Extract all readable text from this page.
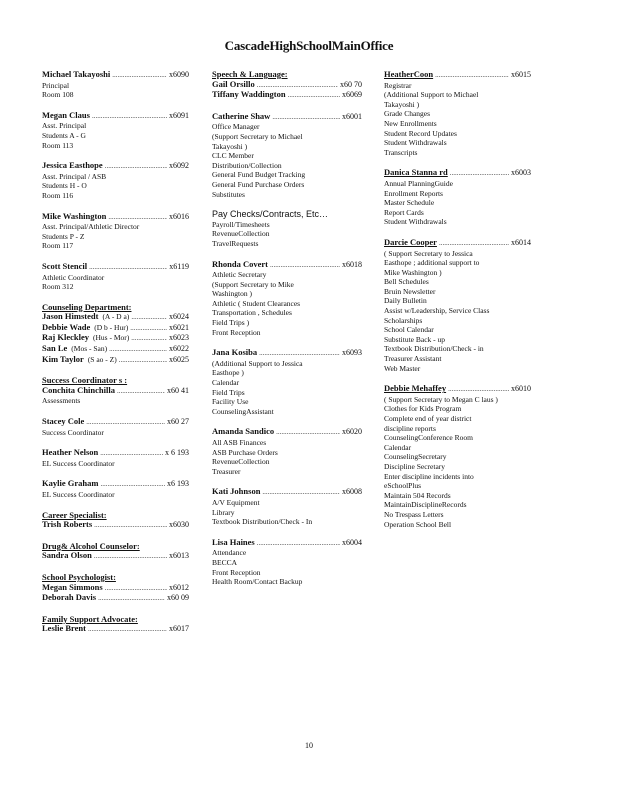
CascadeHighSchoolMainOffice
Michael Takayoshi .....	x6090
Principal
Room 108
Megan Claus .....	x6091
Asst. Principal
Students A - G
Room 113
Jessica Easthope .....	x6092
Asst. Principal / ASB
Students H - O
Room 116
Mike Washington .....	x6016
Asst. Principal/Athletic Director
Students P - Z
Room 117
Scott Stencil .....	x6119
Athletic Coordinator
Room 312
Counseling Department:
Jason Himstedt (A - D a) .....	x6024
Debbie Wade (D b - Hur) .....	x6021
Raj Kleckley (Hus - Mor) .....	x6023
San Le (Mos - San) .....	x6022
Kim Taylor (S ao - Z) .....	x6025
Success Coordinator s :
Conchita Chinchilla .....	x60 41
Assessments
Stacey Cole .....	x60 27
Success Coordinator
Heather Nelson .....	x 6 193
EL Success Coordinator
Kaylie Graham .....	x6 193
EL Success Coordinator
Career Specialist:
Trish Roberts .....	x6030
Drug& Alcohol Counselor:
Sandra Olson .....	x6013
School Psychologist:
Megan Simmons .....	x6012
Deborah Davis .....	x60 09
Family Support Advocate:
Leslie Brent .....	x6017
Speech & Language:
Gail Orsillo .....	x60 70
Tiffany Waddington .....	x6069
Catherine Shaw .....	x6001
Office Manager
(Support Secretary to Michael
Takayoshi )
CLC Member
Distribution/Collection
General Fund Budget Tracking
General Fund Purchase Orders
Substitutes
Pay Checks/Contracts, Etc…
Payroll/Timesheets
RevenueCollection
TravelRequests
Rhonda Covert .....	x6018
Athletic Secretary
(Support Secretary to Mike
Washington )
Athletic ( Student Clearances
Transportation , Schedules
Field Trips )
Front Reception
Jana Kosiba .....	x6093
(Additional Support to Jessica
Easthope )
Calendar
Field Trips
Facility Use
CounselingAssistant
Amanda Sandico .....	x6020
All ASB Finances
ASB Purchase Orders
RevenueCollection
Treasurer
Kati Johnson .....	x6008
A/V Equipment
Library
Textbook Distribution/Check - In
Lisa Haines .....	x6004
Attendance
BECCA
Front Reception
Health Room/Contact Backup
HeatherCoon .....	x6015
Registrar
(Additional Support to Michael
Takayoshi )
Grade Changes
New Enrollments
Student Record Updates
Student Withdrawals
Transcripts
Danica Stanna rd .....	x6003
Annual PlanningGuide
Enrollment Reports
Master Schedule
Report Cards
Student Withdrawals
Darcie Cooper .....	x6014
( Support Secretary to Jessica
Easthope ; additional support to
Mike Washington )
Bell Schedules
Bruin Newsletter
Daily Bulletin
Assist w/Leadership, Service Class
Scholarships
School Calendar
Substitute Back - up
Textbook Distribution/Check - in
Treasurer Assistant
Web Master
Debbie Mehaffey .....	x6010
( Support Secretary to Megan C laus )
Clothes for Kids Program
Complete end of year district
discipline reports
CounselingConference Room
Calendar
CounselingSecretary
Discipline Secretary
Enter discipline incidents into
eSchoolPlus
Maintain 504 Records
MaintainDisciplineRecords
No Trespass Letters
Operation School Bell
10
